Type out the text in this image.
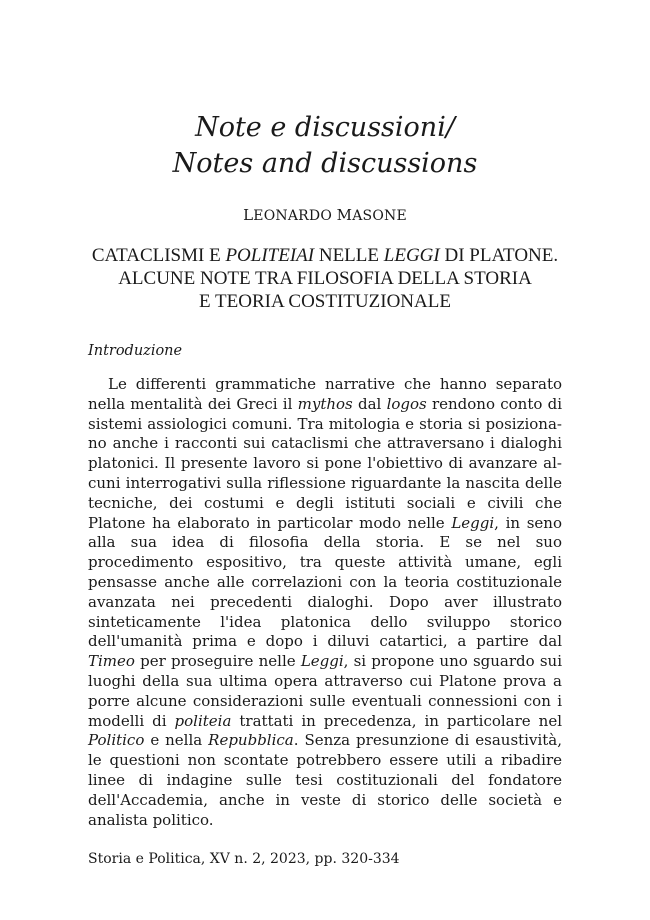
Note e discussioni/
Notes and discussions
LEONARDO MASONE
CATACLISMI E POLITEIAI NELLE LEGGI DI PLATONE.
ALCUNE NOTE TRA FILOSOFIA DELLA STORIA
E TEORIA COSTITUZIONALE
Introduzione

Le differenti grammatiche narrative che hanno separato nella mentalità dei Greci il mythos dal logos rendono conto di sistemi assiologici comuni. Tra mitologia e storia si posizionano anche i racconti sui cataclismi che attraversano i dialoghi platonici. Il presente lavoro si pone l'obiettivo di avanzare alcuni interrogativi sulla riflessione riguardante la nascita delle tecniche, dei costumi e degli istituti sociali e civili che Platone ha elaborato in particolar modo nelle Leggi, in seno alla sua idea di filosofia della storia. E se nel suo procedimento espositivo, tra queste attività umane, egli pensasse anche alle correlazioni con la teoria costituzionale avanzata nei precedenti dialoghi. Dopo aver illustrato sinteticamente l'idea platonica dello sviluppo storico dell'umanità prima e dopo i diluvi catartici, a partire dal Timeo per proseguire nelle Leggi, si propone uno sguardo sui luoghi della sua ultima opera attraverso cui Platone prova a porre alcune considerazioni sulle eventuali connessioni con i modelli di politeia trattati in precedenza, in particolare nel Politico e nella Repubblica. Senza presunzione di esaustività, le questioni non scontate potrebbero essere utili a ribadire linee di indagine sulle tesi costituzionali del fondatore dell'Accademia, anche in veste di storico delle società e analista politico.

Storia e Politica, XV n. 2, 2023, pp. 320-334
